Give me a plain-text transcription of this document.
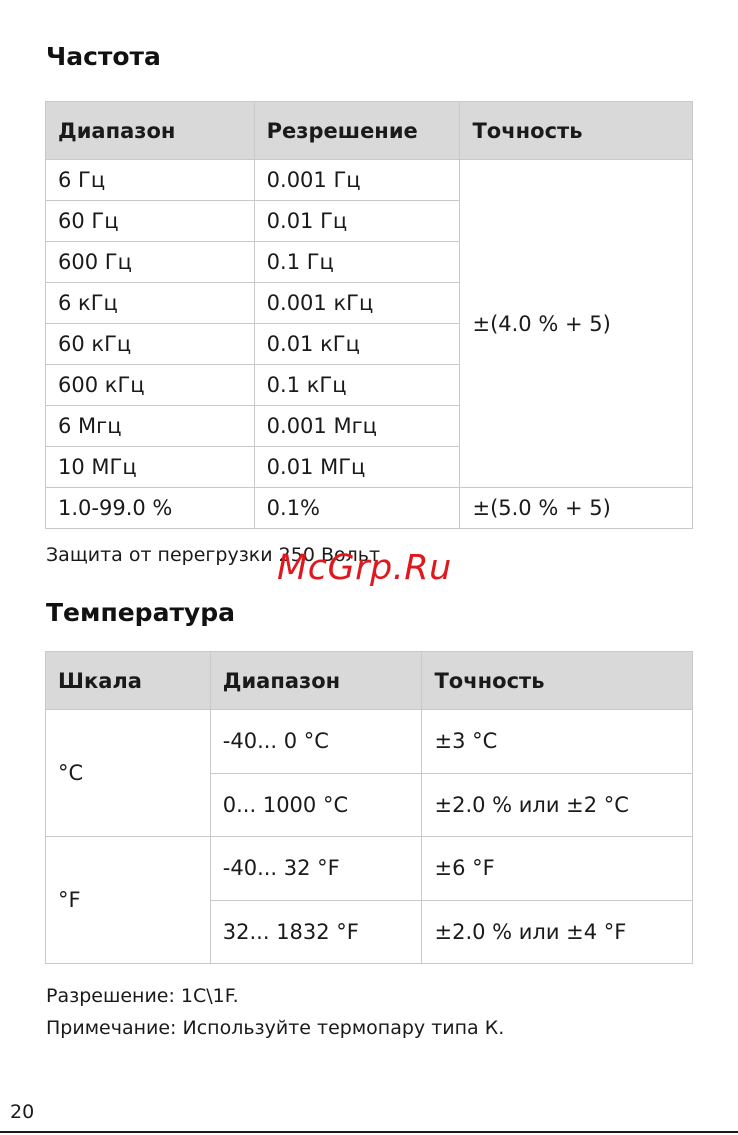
Частота
Диапазон	Резрешение	Точность
6 Гц	0.001 Гц	±(4.0 % + 5)
60 Гц	0.01 Гц	
600 Гц	0.1 Гц	
6 кГц	0.001 кГц	
60 кГц	0.01 кГц	
600 кГц	0.1 кГц	
6 Мгц	0.001 Мгц	
10 МГц	0.01 МГц	
1.0-99.0 %	0.1%	±(5.0 % + 5)
Защита от перегрузки 250 Вольт
McGrp.Ru
Температура
Шкала	Диапазон	Точность
°C	-40... 0 °C	±3 °C
	0... 1000 °C	±2.0 % или ±2 °C
°F	-40... 32 °F	±6 °F
	32... 1832 °F	±2.0 % или ±4 °F
Разрешение: 1C\1F.
Примечание: Используйте термопару типа К.
20
